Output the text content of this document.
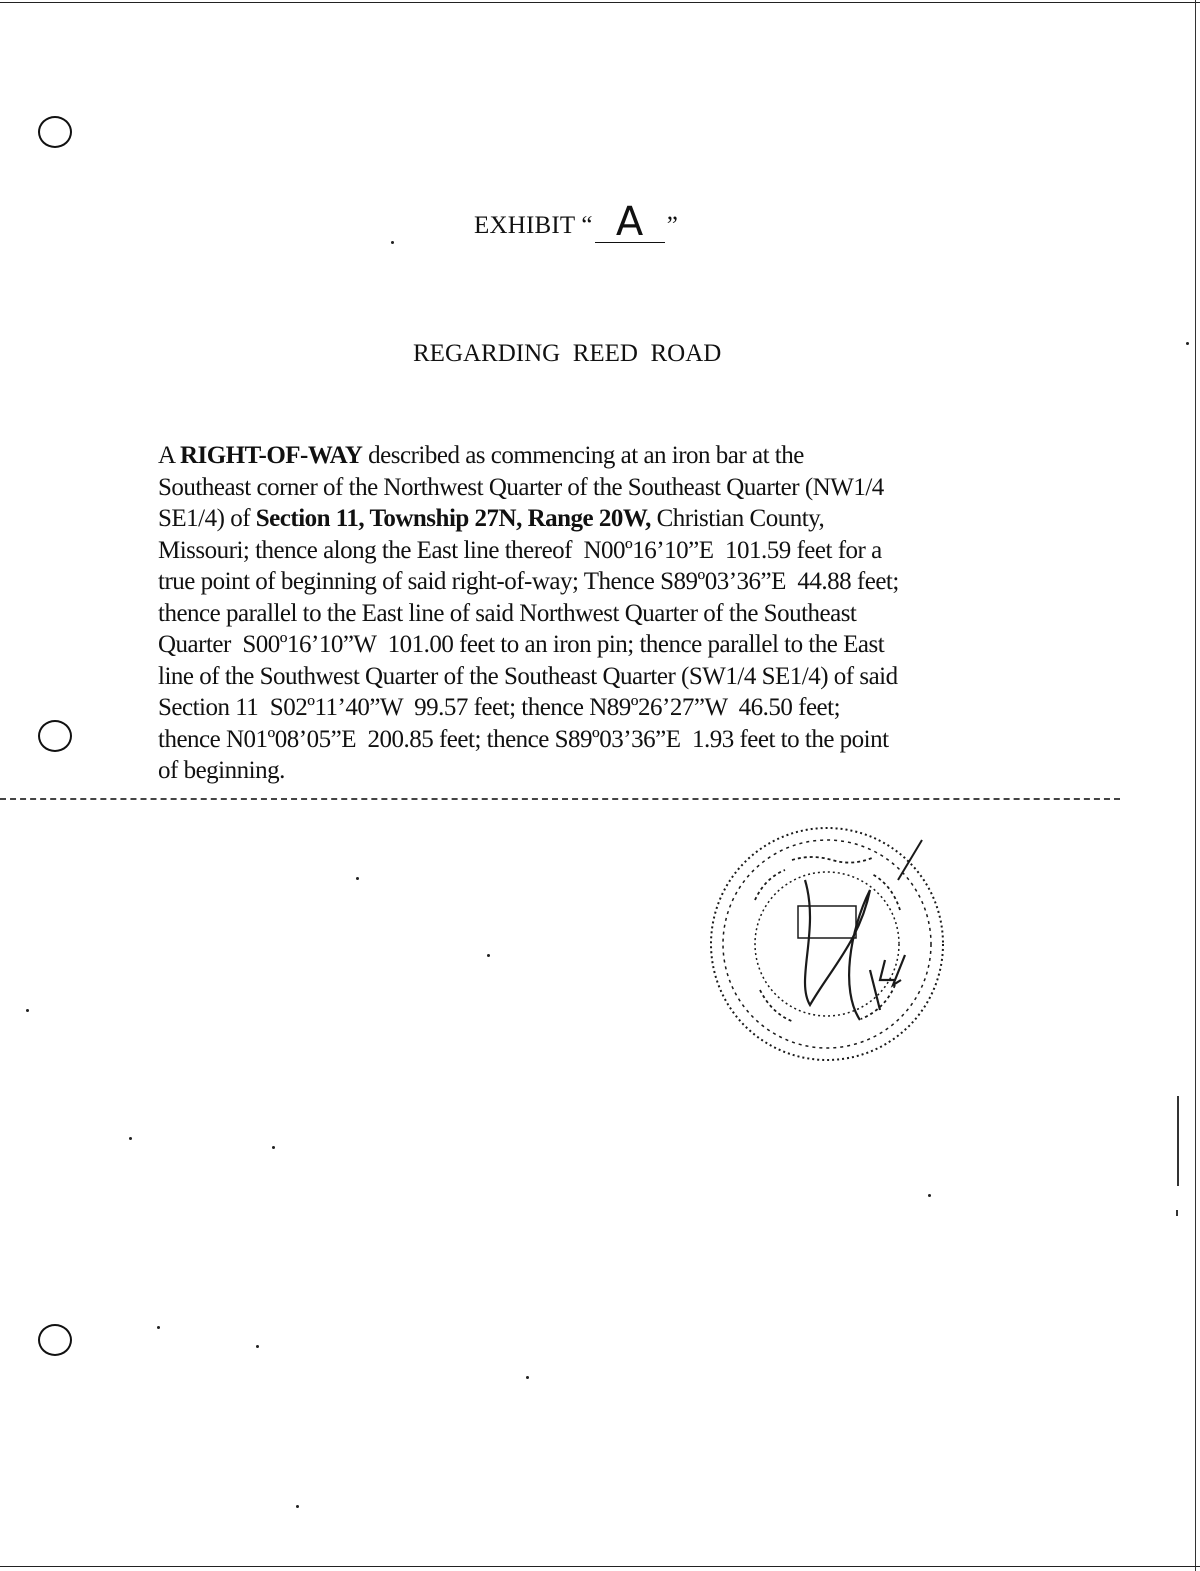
EXHIBIT “ A ”
REGARDING  REED  ROAD
A RIGHT-OF-WAY described as commencing at an iron bar at the
Southeast corner of the Northwest Quarter of the Southeast Quarter (NW1/4
SE1/4) of Section 11, Township 27N, Range 20W, Christian County,
Missouri; thence along the East line thereof  N00º16’10”E  101.59 feet for a
true point of beginning of said right-of-way; Thence S89º03’36”E  44.88 feet;
thence parallel to the East line of said Northwest Quarter of the Southeast
Quarter  S00º16’10”W  101.00 feet to an iron pin; thence parallel to the East
line of the Southwest Quarter of the Southeast Quarter (SW1/4 SE1/4) of said
Section 11  S02º11’40”W  99.57 feet; thence N89º26’27”W  46.50 feet;
thence N01º08’05”E  200.85 feet; thence S89º03’36”E  1.93 feet to the point
of beginning.
